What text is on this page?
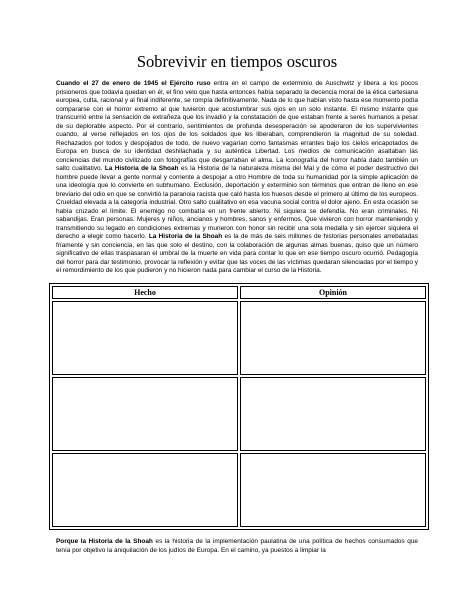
Sobrevivir en tiempos oscuros
Cuando el 27 de enero de 1945 el Ejército ruso entra en el campo de exterminio de Auschwitz y libera a los pocos prisioneros que todavía quedan en él, el fino velo que hasta entonces había separado la decencia moral de la ética cartesiana europea, culta, racional y al final indiferente, se rompía definitivamente. Nada de lo que habían visto hasta ese momento podía compararse con el horror extremo al que tuvieron que acostumbrar sus ojos en un solo instante. El mismo instante que transcurrió entre la sensación de extrañeza que los invadió y la constatación de que estaban frente a seres humanos a pesar de su deplorable aspecto. Por el contrario, sentimientos de profunda desesperación se apoderaron de los supervivientes cuando, al verse reflejados en los ojos de los soldados que les liberaban, comprendieron la magnitud de su soledad. Rechazados por todos y despojados de todo, de nuevo vagarían como fantasmas errantes bajo los cielos encapotados de Europa en busca de su identidad deshilachada y su auténtica Libertad. Los medios de comunicación asaltaban las conciencias del mundo civilizado con fotografías que desgarraban el alma. La iconografía del horror había dado también un salto cualitativo. La Historia de la Shoah es la Historia de la naturaleza misma del Mal y de cómo el poder destructivo del hombre puede llevar a gente normal y corriente a despojar a otro Hombre de toda su humanidad por la simple aplicación de una ideología que lo convierte en subhumano. Exclusión, deportación y exterminio son términos que entran de lleno en ese breviario del odio en que se convirtió la paranoia racista que caló hasta los huesos desde el primero al último de los europeos. Crueldad elevada a la categoría industrial. Otro salto cualitativo en esa vacuna social contra el dolor ajeno. En esta ocasión se había cruzado el límite. El enemigo no combatía en un frente abierto. Ni siquiera se defendía. No eran criminales. Ni sabandijas. Eran personas. Mujeres y niños, ancianos y hombres, sanos y enfermos. Que vivieron con horror manteniendo y transmitiendo su legado en condiciones extremas y murieron con honor sin recibir una sola medalla y sin ejercer siquiera el derecho a elegir como hacerlo. La Historia de la Shoah es la de más de seis millones de historias personales arrebatadas fríamente y sin conciencia, en las que solo el destino, con la colaboración de algunas almas buenas, quiso que un número significativo de ellas traspasaran el umbral de la muerte en vida para contar lo que en ese tiempo oscuro ocurrió. Pedagogía del horror para dar testimonio, provocar la reflexión y evitar que las voces de las víctimas quedaran silenciadas por el tiempo y el remordimiento de los que pudieron y no hicieron nada para cambiar el curso de la Historia.
Hecho	Opinión

Porque la Historia de la Shoah es la historia de la implementación paulatina de una política de hechos consumados que tenía por objetivo la aniquilación de los judíos de Europa. En el camino, ya puestos a limpiar la
